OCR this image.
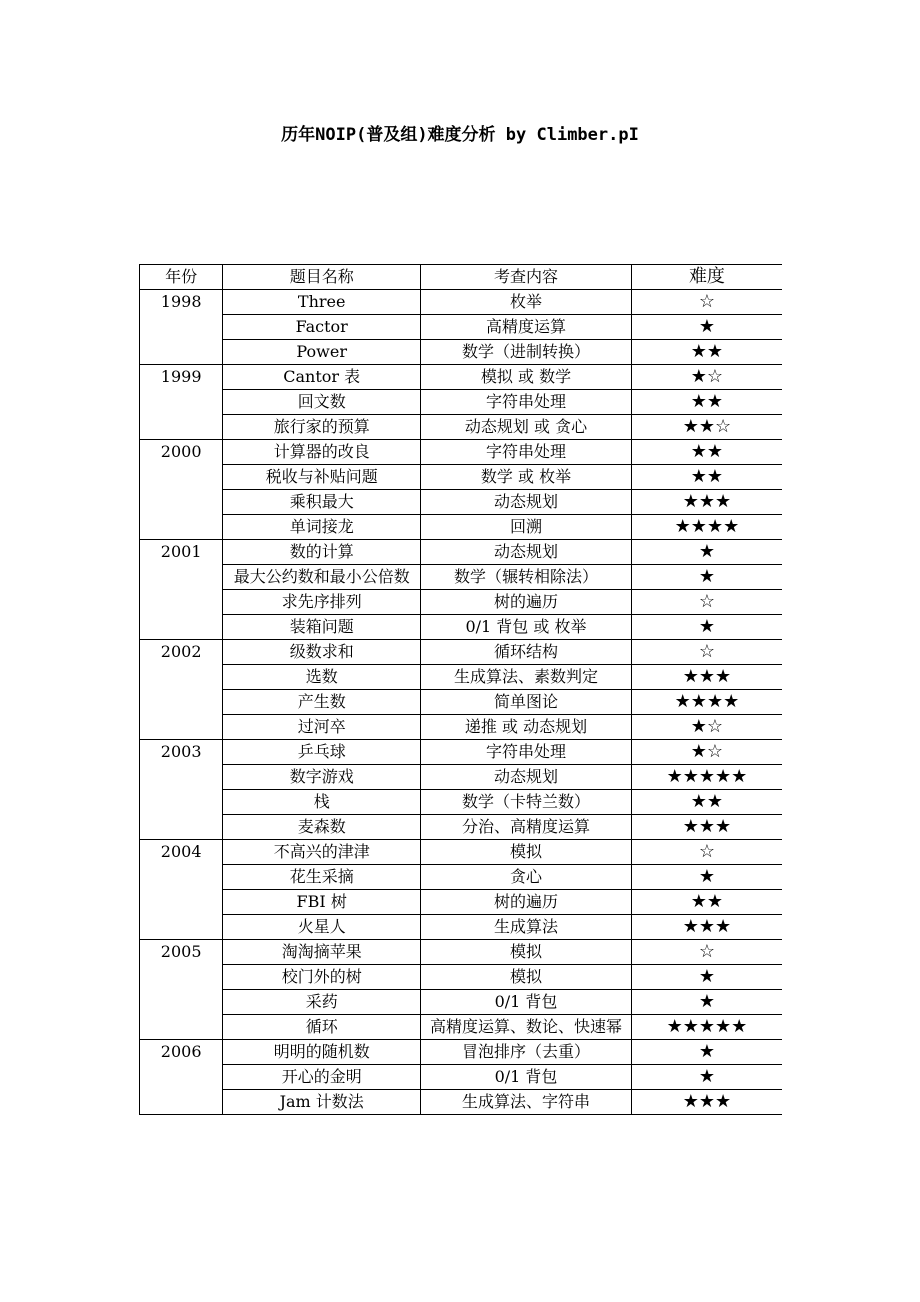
历年NOIP(普及组)难度分析 by Climber.pI
年份	题目名称	考查内容	难度
1998	Three	枚举	☆
	Factor	高精度运算	★
	Power	数学（进制转换）	★★
1999	Cantor 表	模拟 或 数学	★☆
	回文数	字符串处理	★★
	旅行家的预算	动态规划 或 贪心	★★☆
2000	计算器的改良	字符串处理	★★
	税收与补贴问题	数学 或 枚举	★★
	乘积最大	动态规划	★★★
	单词接龙	回溯	★★★★
2001	数的计算	动态规划	★
	最大公约数和最小公倍数	数学（辗转相除法）	★
	求先序排列	树的遍历	☆
	装箱问题	0/1 背包 或 枚举	★
2002	级数求和	循环结构	☆
	选数	生成算法、素数判定	★★★
	产生数	简单图论	★★★★
	过河卒	递推 或 动态规划	★☆
2003	乒乓球	字符串处理	★☆
	数字游戏	动态规划	★★★★★
	栈	数学（卡特兰数）	★★
	麦森数	分治、高精度运算	★★★
2004	不高兴的津津	模拟	☆
	花生采摘	贪心	★
	FBI 树	树的遍历	★★
	火星人	生成算法	★★★
2005	淘淘摘苹果	模拟	☆
	校门外的树	模拟	★
	采药	0/1 背包	★
	循环	高精度运算、数论、快速幂	★★★★★
2006	明明的随机数	冒泡排序（去重）	★
	开心的金明	0/1 背包	★
	Jam 计数法	生成算法、字符串	★★★
